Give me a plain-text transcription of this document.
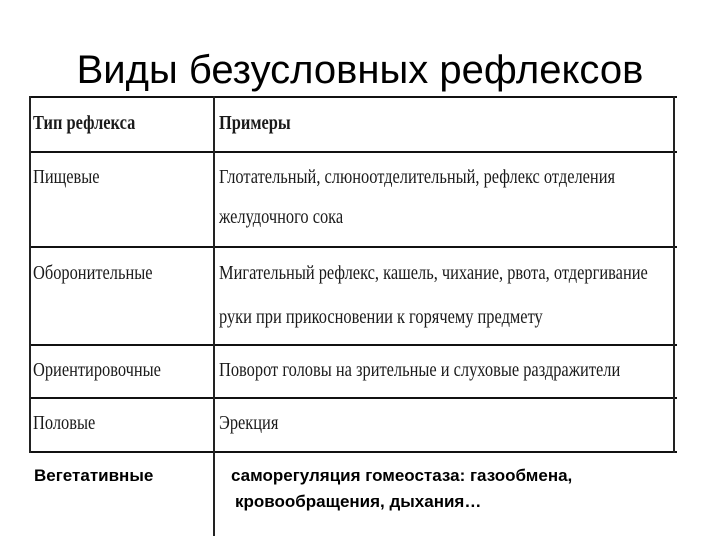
Виды безусловных рефлексов
Тип рефлекса	Примеры
Пищевые	Глотательный, слюноотделительный, рефлекс отделения
желудочного сока
Оборонительные	Мигательный рефлекс, кашель, чихание, рвота, отдергивание
руки при прикосновении к горячему предмету
Ориентировочные	Поворот головы на зрительные и слуховые раздражители
Половые	Эрекция
Вегетативные	саморегуляция гомеостаза: газообмена,
кровообращения, дыхания…
